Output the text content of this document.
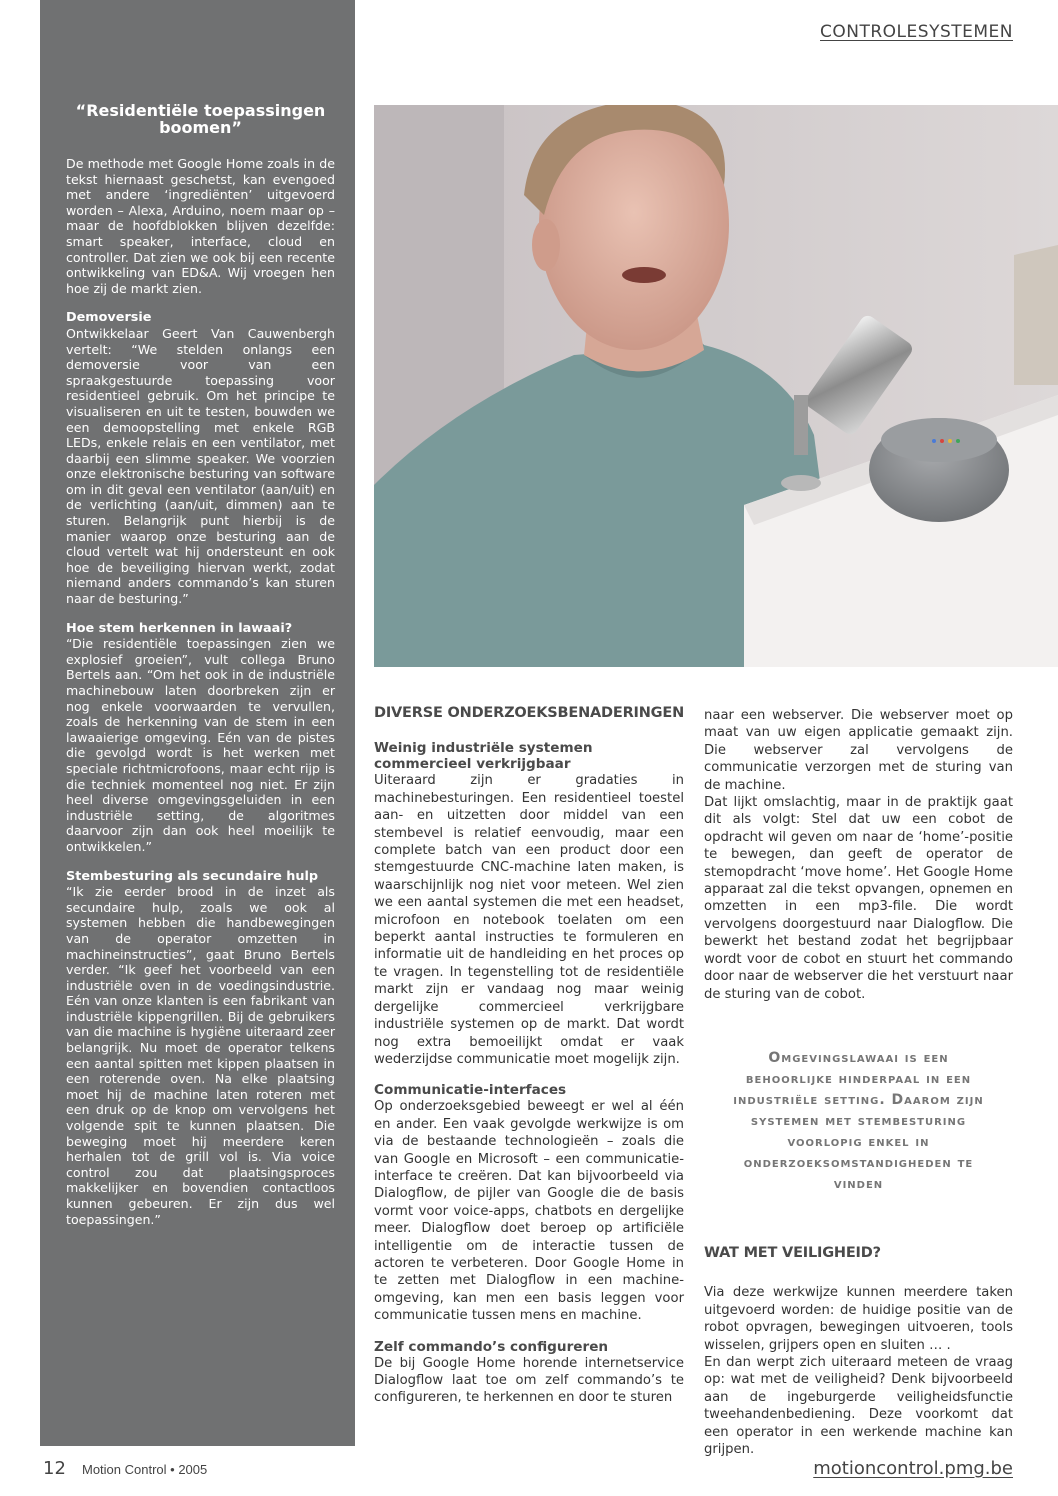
CONTROLESYSTEMEN
“Residentiële toepassingen boomen”

De methode met Google Home zoals in de tekst hiernaast geschetst, kan evengoed met andere ‘ingrediënten’ uitgevoerd worden – Alexa, Arduino, noem maar op – maar de hoofdblokken blijven dezelfde: smart speaker, interface, cloud en controller. Dat zien we ook bij een recente ontwikkeling van ED&A. Wij vroegen hen hoe zij de markt zien.

Demoversie

Ontwikkelaar Geert Van Cauwenbergh vertelt: “We stelden onlangs een demoversie voor van een spraakgestuurde toepassing voor residentieel gebruik. Om het principe te visualiseren en uit te testen, bouwden we een demoopstelling met enkele RGB LEDs, enkele relais en een ventilator, met daarbij een slimme speaker. We voorzien onze elektronische besturing van software om in dit geval een ventilator (aan/uit) en de verlichting (aan/uit, dimmen) aan te sturen. Belangrijk punt hierbij is de manier waarop onze besturing aan de cloud vertelt wat hij ondersteunt en ook hoe de beveiliging hiervan werkt, zodat niemand anders commando’s kan sturen naar de besturing.”

Hoe stem herkennen in lawaai?

“Die residentiële toepassingen zien we explosief groeien”, vult collega Bruno Bertels aan. “Om het ook in de industriële machinebouw laten doorbreken zijn er nog enkele voorwaarden te vervullen, zoals de herkenning van de stem in een lawaaierige omgeving. Eén van de pistes die gevolgd wordt is het werken met speciale richtmicrofoons, maar echt rijp is die techniek momenteel nog niet. Er zijn heel diverse omgevingsgeluiden in een industriële setting, de algoritmes daarvoor zijn dan ook heel moeilijk te ontwikkelen.”

Stembesturing als secundaire hulp

“Ik zie eerder brood in de inzet als secundaire hulp, zoals we ook al systemen hebben die handbewegingen van de operator omzetten in machineinstructies”, gaat Bruno Bertels verder. “Ik geef het voorbeeld van een industriële oven in de voedingsindustrie. Eén van onze klanten is een fabrikant van industriële kippengrillen. Bij de gebruikers van die machine is hygiëne uiteraard zeer belangrijk. Nu moet de operator telkens een aantal spitten met kippen plaatsen in een roterende oven. Na elke plaatsing moet hij de machine laten roteren met een druk op de knop om vervolgens het volgende spit te kunnen plaatsen. Die beweging moet hij meerdere keren herhalen tot de grill vol is. Via voice control zou dat plaatsingsproces makkelijker en bovendien contactloos kunnen gebeuren. Er zijn dus wel toepassingen.”

DIVERSE ONDERZOEKSBENADERINGEN
Weinig industriële systemen commercieel verkrijgbaar

Uiteraard zijn er gradaties in machinebesturingen. Een residentieel toestel aan- en uitzetten door middel van een stembevel is relatief eenvoudig, maar een complete batch van een product door een stemgestuurde CNC-machine laten maken, is waarschijnlijk nog niet voor meteen. Wel zien we een aantal systemen die met een headset, microfoon en notebook toelaten om een beperkt aantal instructies te formuleren en informatie uit de handleiding en het proces op te vragen. In tegenstelling tot de residentiële markt zijn er vandaag nog maar weinig dergelijke commercieel verkrijgbare industriële systemen op de markt. Dat wordt nog extra bemoeilijkt omdat er vaak wederzijdse communicatie moet mogelijk zijn.

Communicatie-interfaces

Op onderzoeksgebied beweegt er wel al één en ander. Een vaak gevolgde werkwijze is om via de bestaande technologieën – zoals die van Google en Microsoft – een communicatie-interface te creëren. Dat kan bijvoorbeeld via Dialogflow, de pijler van Google die de basis vormt voor voice-apps, chatbots en dergelijke meer. Dialogflow doet beroep op artificiële intelligentie om de interactie tussen de actoren te verbeteren. Door Google Home in te zetten met Dialogflow in een machine-omgeving, kan men een basis leggen voor communicatie tussen mens en machine.

Zelf commando’s configureren

De bij Google Home horende internetservice Dialogflow laat toe om zelf commando’s te configureren, te herkennen en door te sturen

naar een webserver. Die webserver moet op maat van uw eigen applicatie gemaakt zijn. Die webserver zal vervolgens de communicatie verzorgen met de sturing van de machine.

Dat lijkt omslachtig, maar in de praktijk gaat dit als volgt: Stel dat uw een cobot de opdracht wil geven om naar de ‘home’-positie te bewegen, dan geeft de operator de stemopdracht ‘move home’. Het Google Home apparaat zal die tekst opvangen, opnemen en omzetten in een mp3-file. Die wordt vervolgens doorgestuurd naar Dialogflow. Die bewerkt het bestand zodat het begrijpbaar wordt voor de cobot en stuurt het commando door naar de webserver die het verstuurt naar de sturing van de cobot.

Omgevingslawaai is een behoorlijke hinderpaal in een industriële setting. Daarom zijn systemen met stembesturing voorlopig enkel in onderzoeksomstandigheden te vinden

WAT MET VEILIGHEID?

Via deze werkwijze kunnen meerdere taken uitgevoerd worden: de huidige positie van de robot opvragen, bewegingen uitvoeren, tools wisselen, grijpers open en sluiten … .

En dan werpt zich uiteraard meteen de vraag op: wat met de veiligheid? Denk bijvoorbeeld aan de ingeburgerde veiligheidsfunctie tweehandenbediening. Deze voorkomt dat een operator in een werkende machine kan grijpen.

12 Motion Control • 2005	motioncontrol.pmg.be
